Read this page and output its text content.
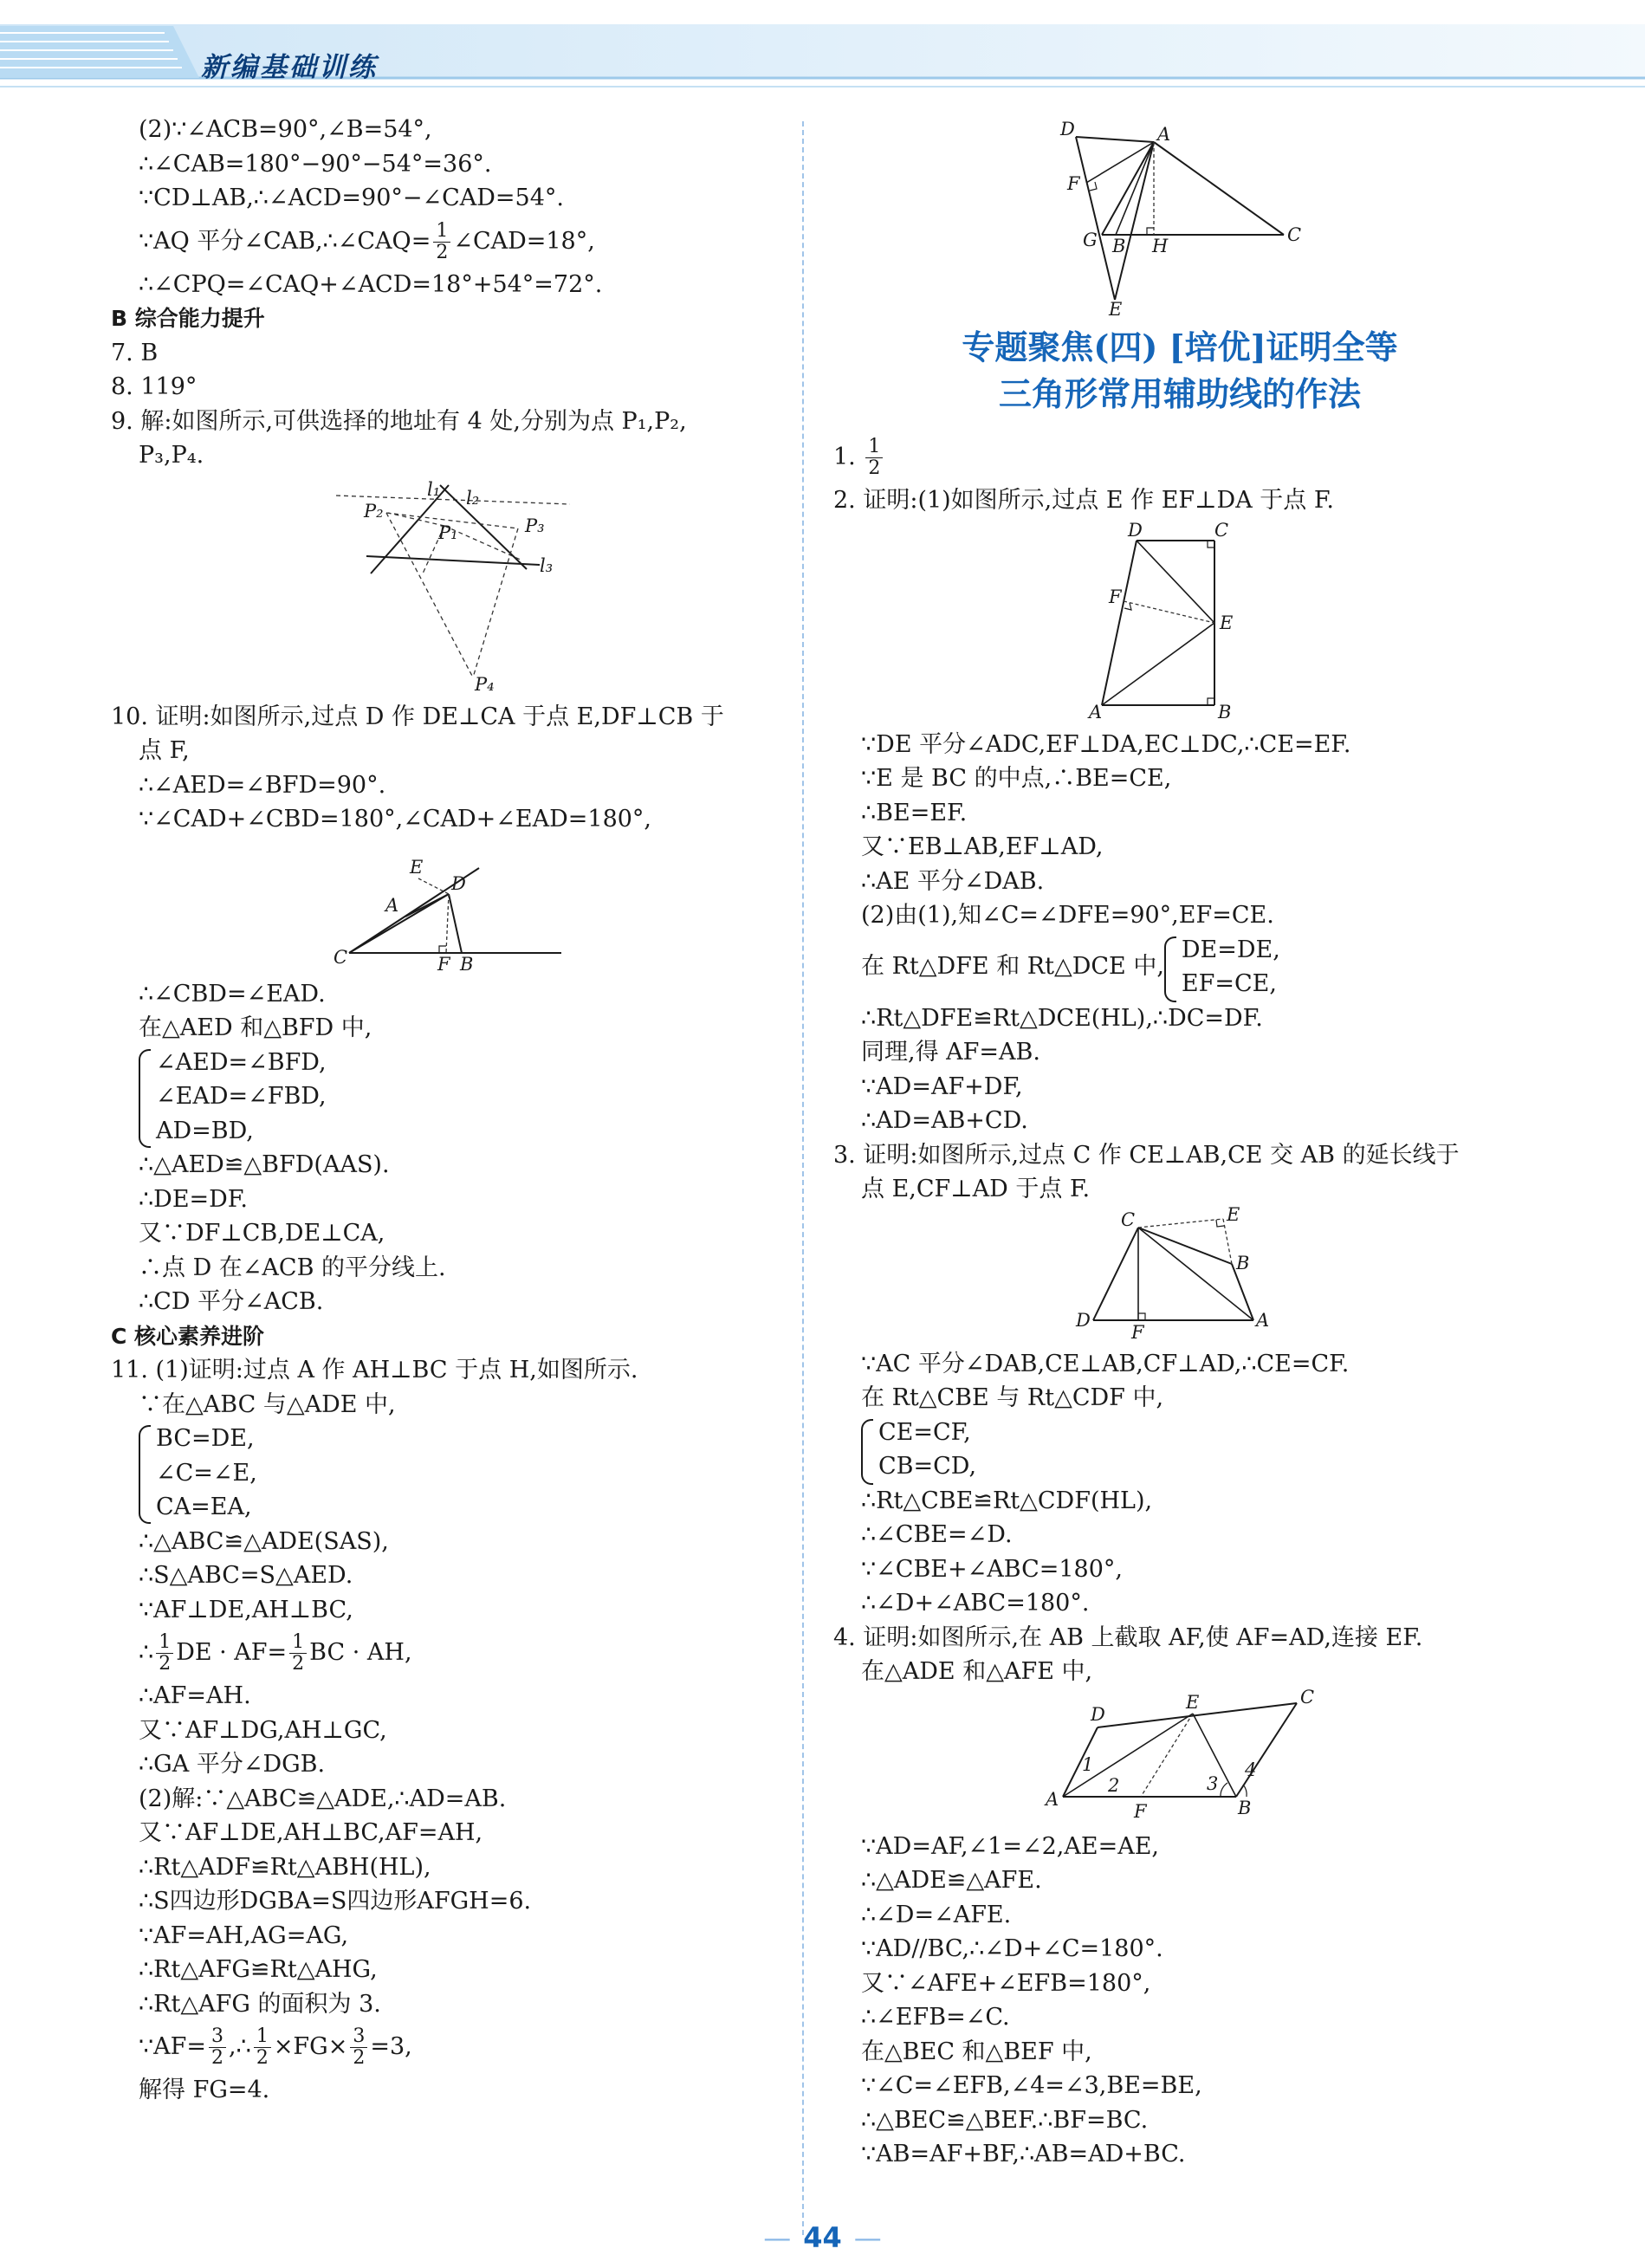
新编基础训练
(2)∵∠ACB=90°,∠B=54°,
∴∠CAB=180°−90°−54°=36°.
∵CD⊥AB,∴∠ACD=90°−∠CAD=54°.
∵AQ 平分∠CAB,∴∠CAQ= $\frac{1}{2}$ ∠CAD=18°,
∴∠CPQ=∠CAQ+∠ACD=18°+54°=72°.
B 综合能力提升
7. B
8. 119°
9. 解:如图所示,可供选择的地址有 4 处,分别为点 P₁,P₂,
P₃,P₄.
l₁ l₂
l₃
P₁
P₂
P₃
P₄
10. 证明:如图所示,过点 D 作 DE⊥CA 于点 E,DF⊥CB 于
点 F,
∴∠AED=∠BFD=90°.
∵∠CAD+∠CBD=180°,∠CAD+∠EAD=180°,
A
E
D
C	F B
∴∠CBD=∠EAD.
在△AED 和△BFD 中,
∠AED=∠BFD,
∠EAD=∠FBD,
AD=BD,
∴△AED≌△BFD(AAS).
∴DE=DF.
又∵DF⊥CB,DE⊥CA,
∴点 D 在∠ACB 的平分线上.
∴CD 平分∠ACB.
C 核心素养进阶
11. (1)证明:过点 A 作 AH⊥BC 于点 H,如图所示.
∵在△ABC 与△ADE 中,
BC=DE,
∠C=∠E,
CA=EA,
∴△ABC≌△ADE(SAS),
∴S△ABC=S△AED.
∵AF⊥DE,AH⊥BC,
∴ $\frac{1}{2}$ DE · $AF= \frac{1}{2}$ BC · AH,
∴AF=AH.
又∵AF⊥DG,AH⊥GC,
∴GA 平分∠DGB.
(2)解:∵△ABC≌△ADE,∴AD=AB.
又∵AF⊥DE,AH⊥BC,AF=AH,
∴Rt△ADF≌Rt△ABH(HL),
∴S四边形DGBA=S四边形AFGH=6.
∵AF=AH,AG=AG,
∴Rt△AFG≌Rt△AHG,
∴Rt△AFG 的面积为 3.
∵AF= $\frac{3}{2}$ ,∴ $\frac{1}{2} \times FG\times \frac{3}{2} =3$,
解得 FG=4.
D	A
F
G B H
C
E
专题聚焦(四) [培优]证明全等
三角形常用辅助线的作法
1. $\frac{1}{2}$
2. 证明:(1)如图所示,过点 E 作 EF⊥DA 于点 F.
D	C
F
E
A	B
∵DE 平分∠ADC,EF⊥DA,EC⊥DC,∴CE=EF.
∵E 是 BC 的中点,∴BE=CE,
∴BE=EF.
又∵EB⊥AB,EF⊥AD,
∴AE 平分∠DAB.
(2)由(1),知∠C=∠DFE=90°,EF=CE.
在 Rt△DFE 和 Rt△DCE 中,
DE=DE,
EF=CE,
∴Rt△DFE≌Rt△DCE(HL),∴DC=DF.
同理,得 AF=AB.
∵AD=AF+DF,
∴AD=AB+CD.
3. 证明:如图所示,过点 C 作 CE⊥AB,CE 交 AB 的延长线于
点 E,CF⊥AD 于点 F.
C	E
B
D
F
A
∵AC 平分∠DAB,CE⊥AB,CF⊥AD,∴CE=CF.
在 Rt△CBE 与 Rt△CDF 中,
CE=CF,
CB=CD,
∴Rt△CBE≌Rt△CDF(HL),
∴∠CBE=∠D.
∵∠CBE+∠ABC=180°,
∴∠D+∠ABC=180°.
4. 证明:如图所示,在 AB 上截取 AF,使 AF=AD,连接 EF.
在△ADE 和△AFE 中,
D
E	C
A
F	B
1
2	3
4
∵AD=AF,∠1=∠2,AE=AE,
∴△ADE≌△AFE.
∴∠D=∠AFE.
∵AD//BC,∴∠D+∠C=180°.
又∵∠AFE+∠EFB=180°,
∴∠EFB=∠C.
在△BEC 和△BEF 中,
∵∠C=∠EFB,∠4=∠3,BE=BE,
∴△BEC≌△BEF.∴BF=BC.
∵AB=AF+BF,∴AB=AD+BC.
— 44 —
